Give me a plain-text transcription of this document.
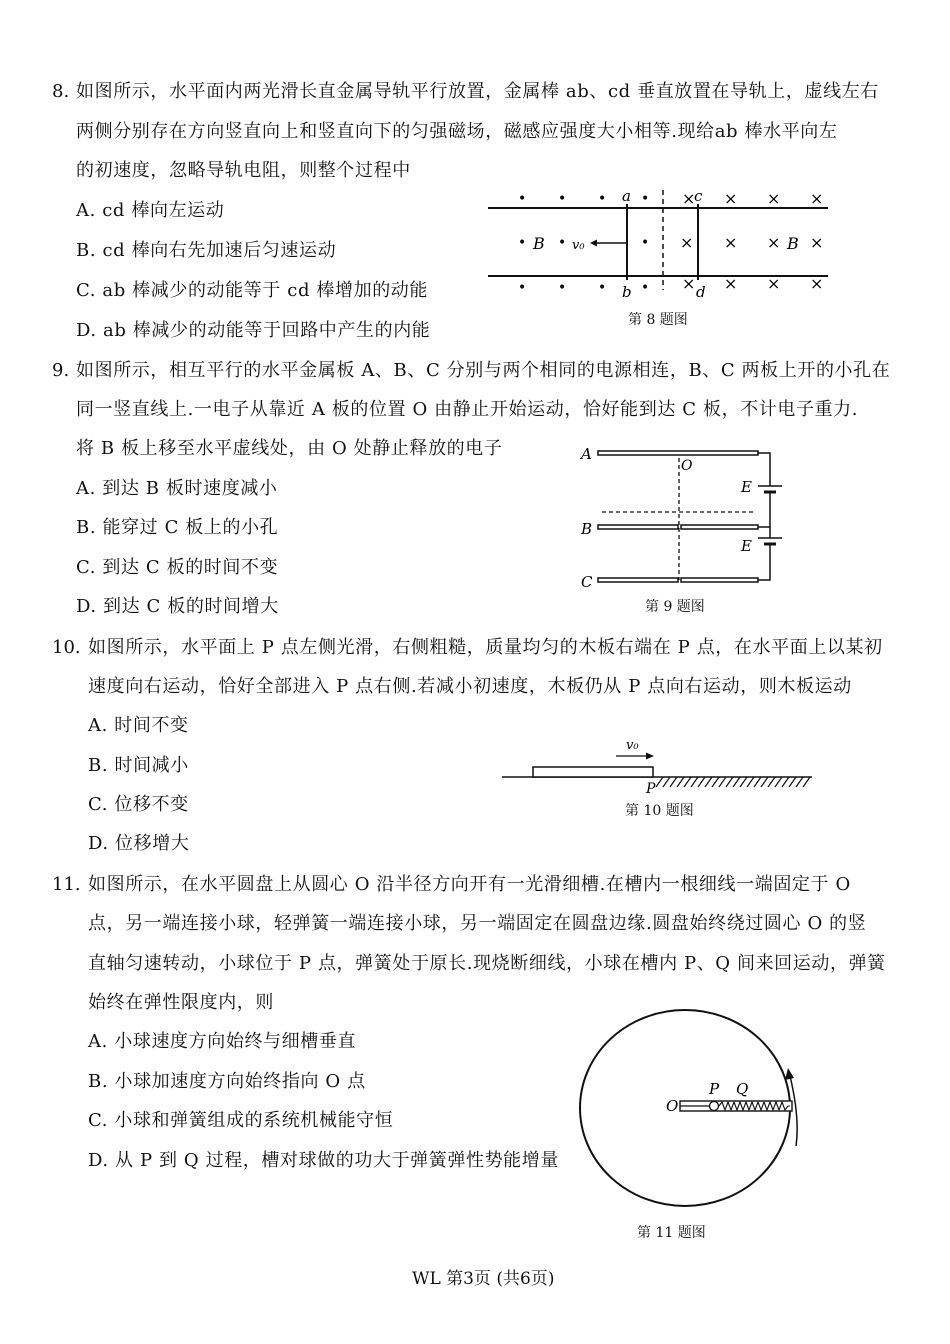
8. 如图所示，水平面内两光滑长直金属导轨平行放置，金属棒 ab、cd 垂直放置在导轨上，虚线左右
两侧分别存在方向竖直向上和竖直向下的匀强磁场，磁感应强度大小相等.现给ab 棒水平向左
的初速度，忽略导轨电阻，则整个过程中
A. cd 棒向左运动
B. cd 棒向右先加速后匀速运动
C. ab 棒减少的动能等于 cd 棒增加的动能
D. ab 棒减少的动能等于回路中产生的内能
• • • •
• B • v₀	•
• • • •
× × × ×
× × × B ×
× × × ×
a	c
b	d
第 8 题图
9. 如图所示，相互平行的水平金属板 A、B、C 分别与两个相同的电源相连，B、C 两板上开的小孔在
同一竖直线上.一电子从靠近 A 板的位置 O 由静止开始运动，恰好能到达 C 板，不计电子重力.
将 B 板上移至水平虚线处，由 O 处静止释放的电子
A. 到达 B 板时速度减小
B. 能穿过 C 板上的小孔
C. 到达 C 板的时间不变
D. 到达 C 板的时间增大
A
B
C
O
E
E
第 9 题图
10. 如图所示，水平面上 P 点左侧光滑，右侧粗糙，质量均匀的木板右端在 P 点，在水平面上以某初
速度向右运动，恰好全部进入 P 点右侧.若减小初速度，木板仍从 P 点向右运动，则木板运动
A. 时间不变
B. 时间减小
C. 位移不变
D. 位移增大
v₀
P
第 10 题图
11. 如图所示，在水平圆盘上从圆心 O 沿半径方向开有一光滑细槽.在槽内一根细线一端固定于 O
点，另一端连接小球，轻弹簧一端连接小球，另一端固定在圆盘边缘.圆盘始终绕过圆心 O 的竖
直轴匀速转动，小球位于 P 点，弹簧处于原长.现烧断细线，小球在槽内 P、Q 间来回运动，弹簧
始终在弹性限度内，则
A. 小球速度方向始终与细槽垂直
B. 小球加速度方向始终指向 O 点
C. 小球和弹簧组成的系统机械能守恒
D. 从 P 到 Q 过程，槽对球做的功大于弹簧弹性势能增量
O
P Q
第 11 题图
WL 第3页 (共6页)
